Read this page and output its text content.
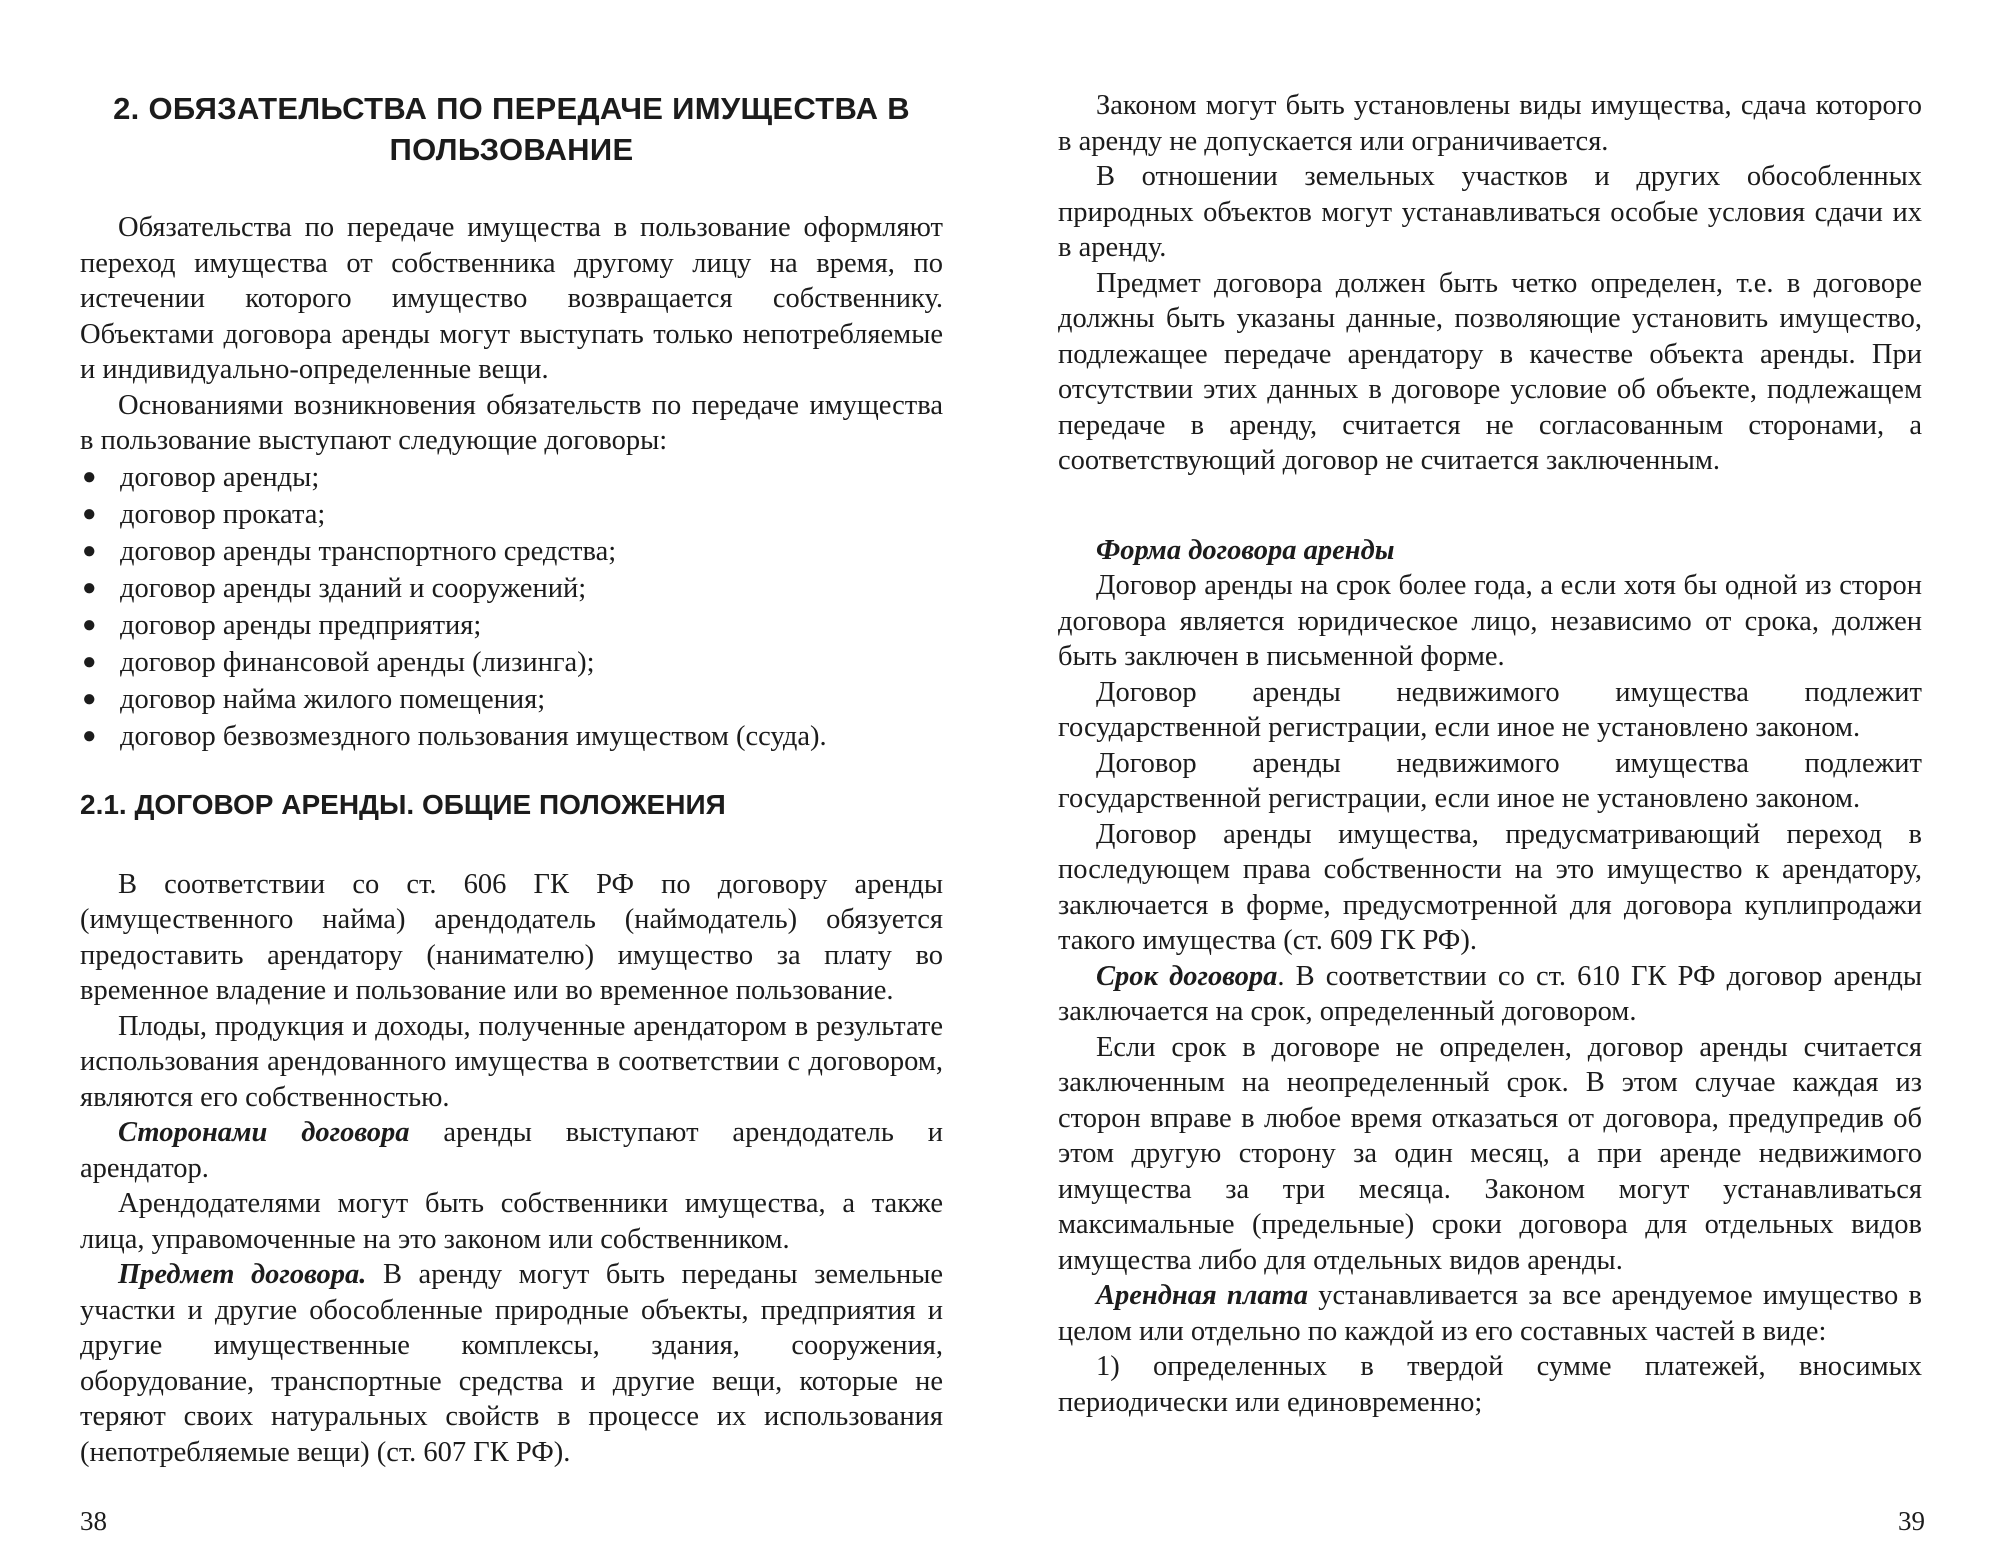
2. ОБЯЗАТЕЛЬСТВА ПО ПЕРЕДАЧЕ ИМУЩЕСТВА В ПОЛЬЗОВАНИЕ

Обязательства по передаче имущества в пользование оформляют переход имущества от собственника другому лицу на время, по истечении которого имущество возвращается собственнику. Объектами договора аренды могут выступать только непотребляемые и индивидуально-определенные вещи.

Основаниями возникновения обязательств по передаче имущества в пользование выступают следующие договоры:

● договор аренды;
● договор проката;
● договор аренды транспортного средства;
● договор аренды зданий и сооружений;
● договор аренды предприятия;
● договор финансовой аренды (лизинга);
● договор найма жилого помещения;
● договор безвозмездного пользования имуществом (ссуда).
2.1. ДОГОВОР АРЕНДЫ. ОБЩИЕ ПОЛОЖЕНИЯ

В соответствии со ст. 606 ГК РФ по договору аренды (имущественного найма) арендодатель (наймодатель) обязуется предоставить арендатору (нанимателю) имущество за плату во временное владение и пользование или во временное пользование.

Плоды, продукция и доходы, полученные арендатором в результате использования арендованного имущества в соответствии с договором, являются его собственностью.

Сторонами договора аренды выступают арендодатель и арендатор.

Арендодателями могут быть собственники имущества, а также лица, управомоченные на это законом или собственником.

Предмет договора. В аренду могут быть переданы земельные участки и другие обособленные природные объекты, предприятия и другие имущественные комплексы, здания, сооружения, оборудование, транспортные средства и другие вещи, которые не теряют своих натуральных свойств в процессе их использования (непотребляемые вещи) (ст. 607 ГК РФ).

38

Законом могут быть установлены виды имущества, сдача которого в аренду не допускается или ограничивается.

В отношении земельных участков и других обособленных природных объектов могут устанавливаться особые условия сдачи их в аренду.

Предмет договора должен быть четко определен, т.е. в договоре должны быть указаны данные, позволяющие установить имущество, подлежащее передаче арендатору в качестве объекта аренды. При отсутствии этих данных в договоре условие об объекте, подлежащем передаче в аренду, считается не согласованным сторонами, а соответствующий договор не считается заключенным.

Форма договора аренды

Договор аренды на срок более года, а если хотя бы одной из сторон договора является юридическое лицо, независимо от срока, должен быть заключен в письменной форме.

Договор аренды недвижимого имущества подлежит государственной регистрации, если иное не установлено законом.

Договор аренды недвижимого имущества подлежит государственной регистрации, если иное не установлено законом.

Договор аренды имущества, предусматривающий переход в последующем права собственности на это имущество к арендатору, заключается в форме, предусмотренной для договора куплипродажи такого имущества (ст. 609 ГК РФ).

Срок договора. В соответствии со ст. 610 ГК РФ договор аренды заключается на срок, определенный договором.

Если срок в договоре не определен, договор аренды считается заключенным на неопределенный срок. В этом случае каждая из сторон вправе в любое время отказаться от договора, предупредив об этом другую сторону за один месяц, а при аренде недвижимого имущества за три месяца. Законом могут устанавливаться максимальные (предельные) сроки договора для отдельных видов имущества либо для отдельных видов аренды.

Арендная плата устанавливается за все арендуемое имущество в целом или отдельно по каждой из его составных частей в виде:

1) определенных в твердой сумме платежей, вносимых периодически или единовременно;

39
